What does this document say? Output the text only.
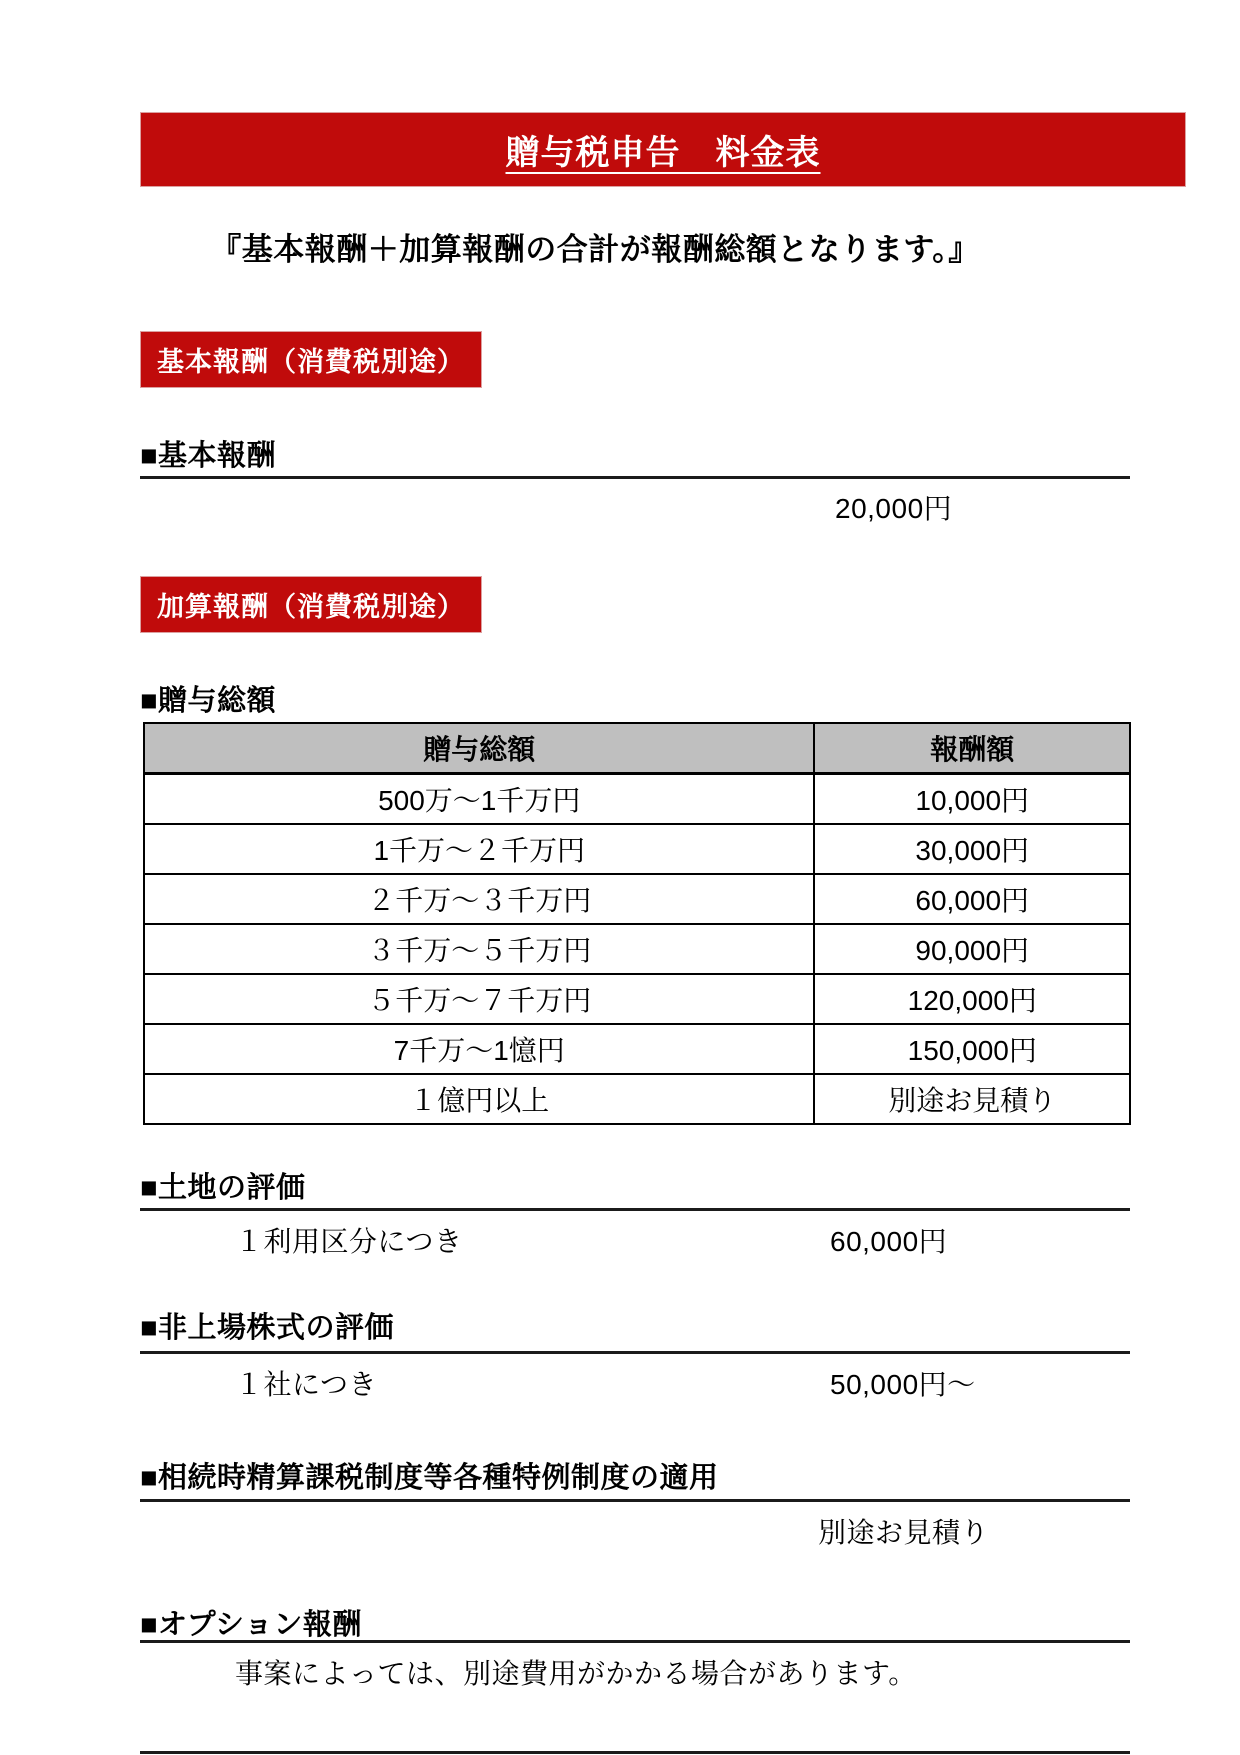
贈与税申告　料金表
『基本報酬＋加算報酬の合計が報酬総額となります。』
基本報酬（消費税別途）
■基本報酬
20,000円
加算報酬（消費税別途）
■贈与総額
贈与総額	報酬額
500万～1千万円	10,000円
1千万～２千万円	30,000円
２千万～３千万円	60,000円
３千万～５千万円	90,000円
５千万～７千万円	120,000円
7千万～1憶円	150,000円
１億円以上	別途お見積り
■土地の評価
１利用区分につき	60,000円
■非上場株式の評価
１社につき	50,000円～
■相続時精算課税制度等各種特例制度の適用
別途お見積り
■オプション報酬
事案によっては、別途費用がかかる場合があります。
